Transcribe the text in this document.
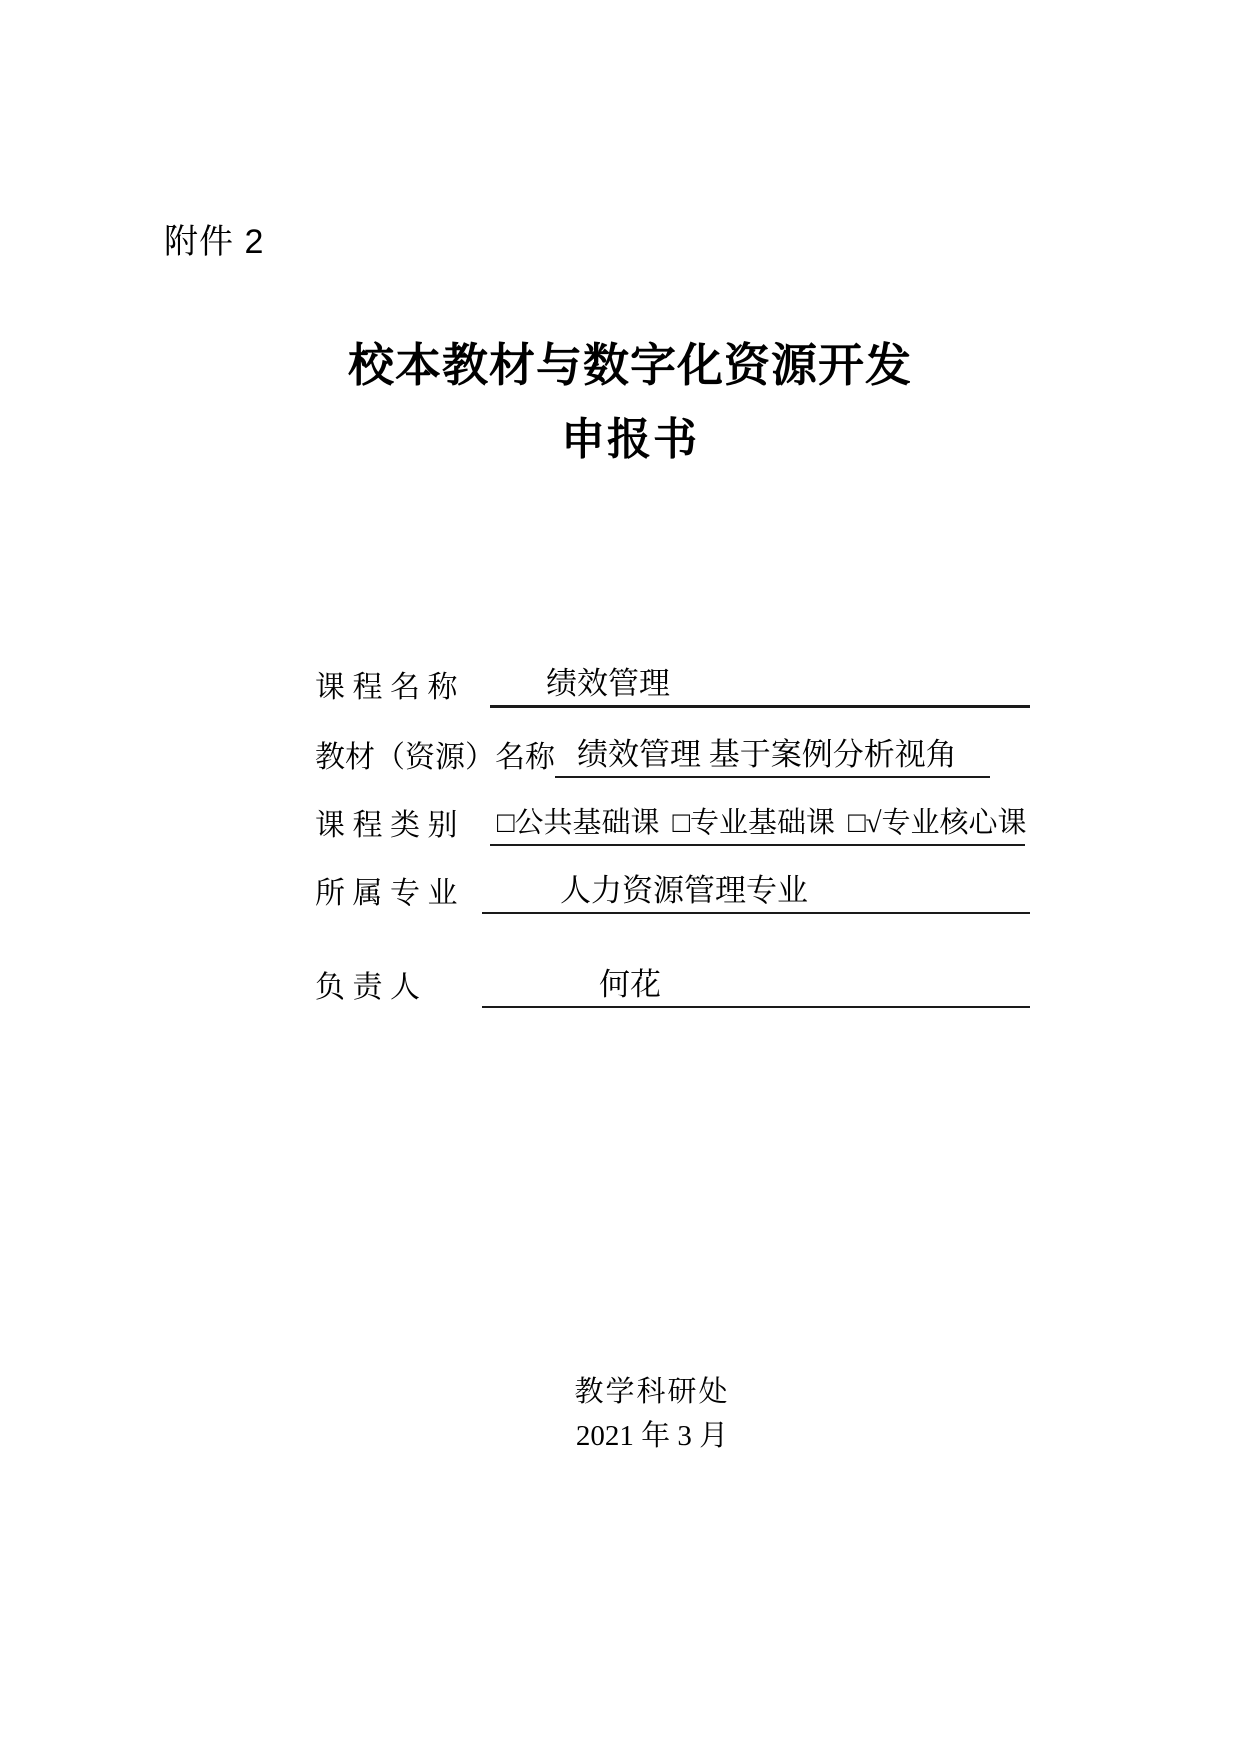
附件 2
校本教材与数字化资源开发
申报书
课 程 名 称	绩效管理
教材（资源）名称 绩效管理 基于案例分析视角
课 程 类 别 □公共基础课 □专业基础课 □√专业核心课
所 属 专 业	人力资源管理专业
负 责 人	何花
教学科研处
2021 年 3 月
